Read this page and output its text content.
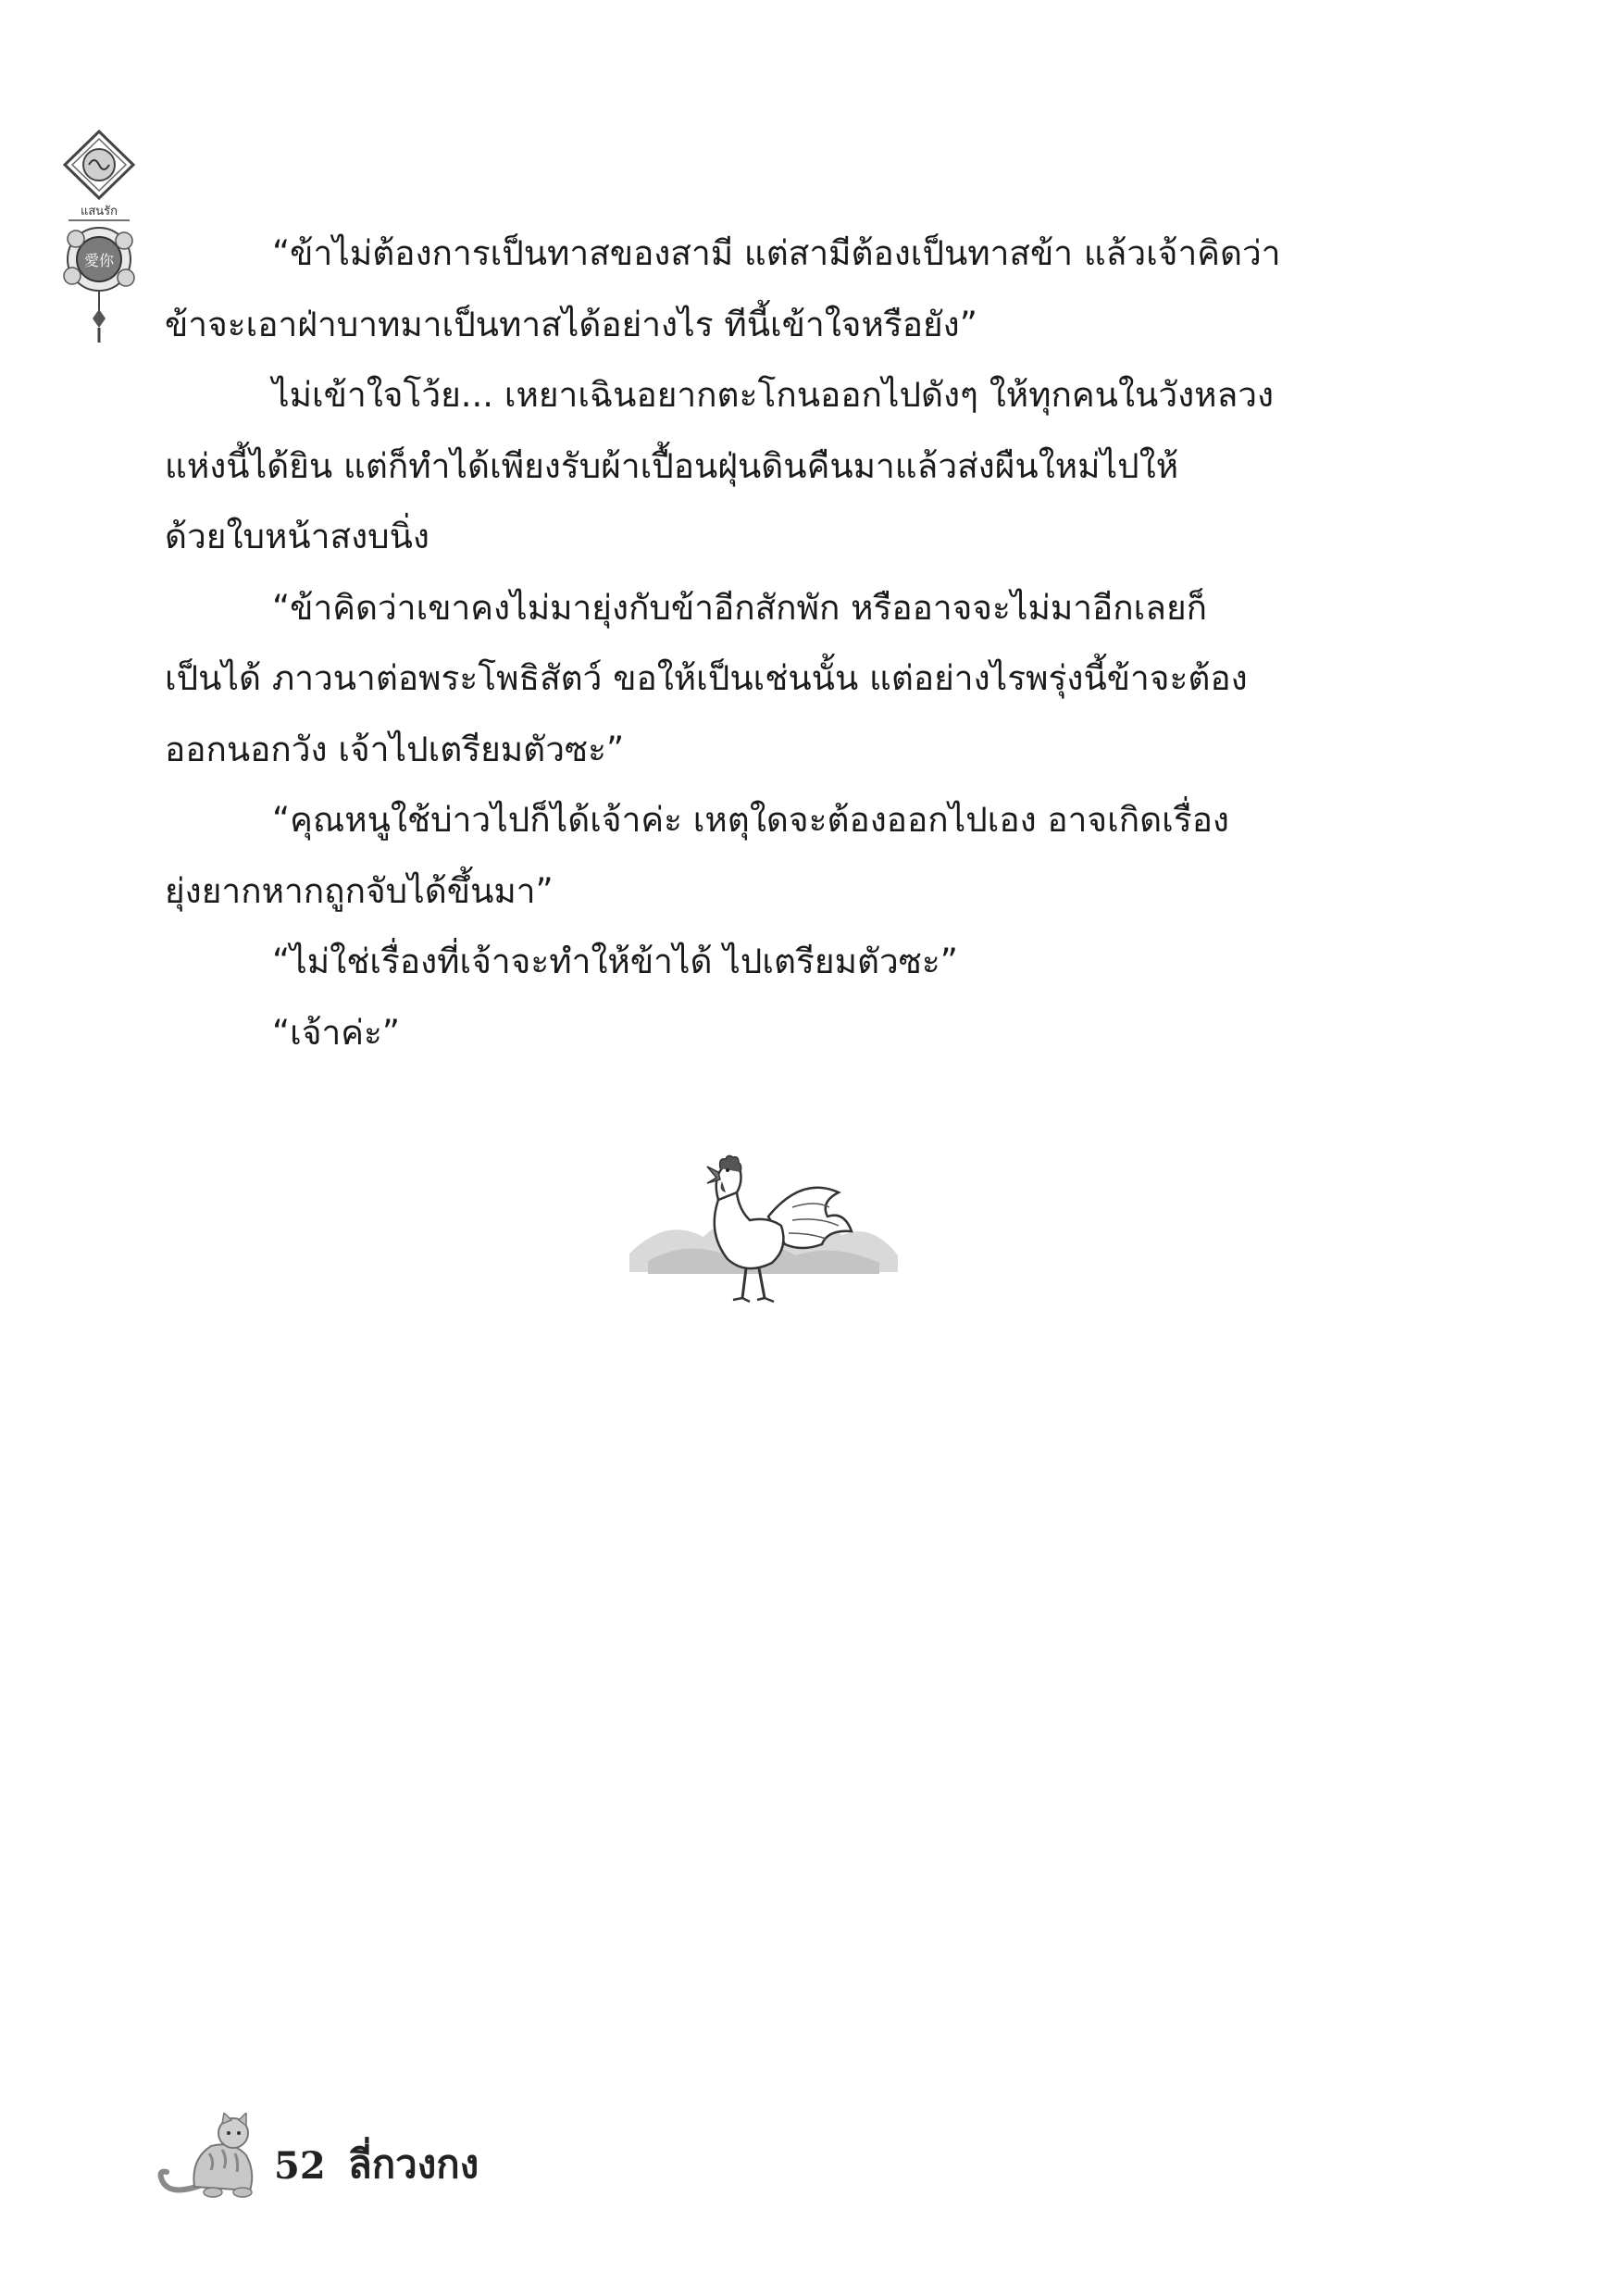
แสนรัก
愛你	“ข้าไม่ต้องการเป็นทาสของสามี แต่สามีต้องเป็นทาสข้า แล้วเจ้าคิดว่า
ข้าจะเอาฝ่าบาทมาเป็นทาสได้อย่างไร ทีนี้เข้าใจหรือยัง”

ไม่เข้าใจโว้ย... เหยาเฉินอยากตะโกนออกไปดังๆ ให้ทุกคนในวังหลวง
แห่งนี้ได้ยิน แต่ก็ทำได้เพียงรับผ้าเปื้อนฝุ่นดินคืนมาแล้วส่งผืนใหม่ไปให้
ด้วยใบหน้าสงบนิ่ง

“ข้าคิดว่าเขาคงไม่มายุ่งกับข้าอีกสักพัก หรืออาจจะไม่มาอีกเลยก็
เป็นได้ ภาวนาต่อพระโพธิสัตว์ ขอให้เป็นเช่นนั้น แต่อย่างไรพรุ่งนี้ข้าจะต้อง
ออกนอกวัง เจ้าไปเตรียมตัวซะ”

“คุณหนูใช้บ่าวไปก็ได้เจ้าค่ะ เหตุใดจะต้องออกไปเอง อาจเกิดเรื่อง
ยุ่งยากหากถูกจับได้ขึ้นมา”

“ไม่ใช่เรื่องที่เจ้าจะทำให้ข้าได้ ไปเตรียมตัวซะ”

“เจ้าค่ะ”

52 ลี่กวงกง
